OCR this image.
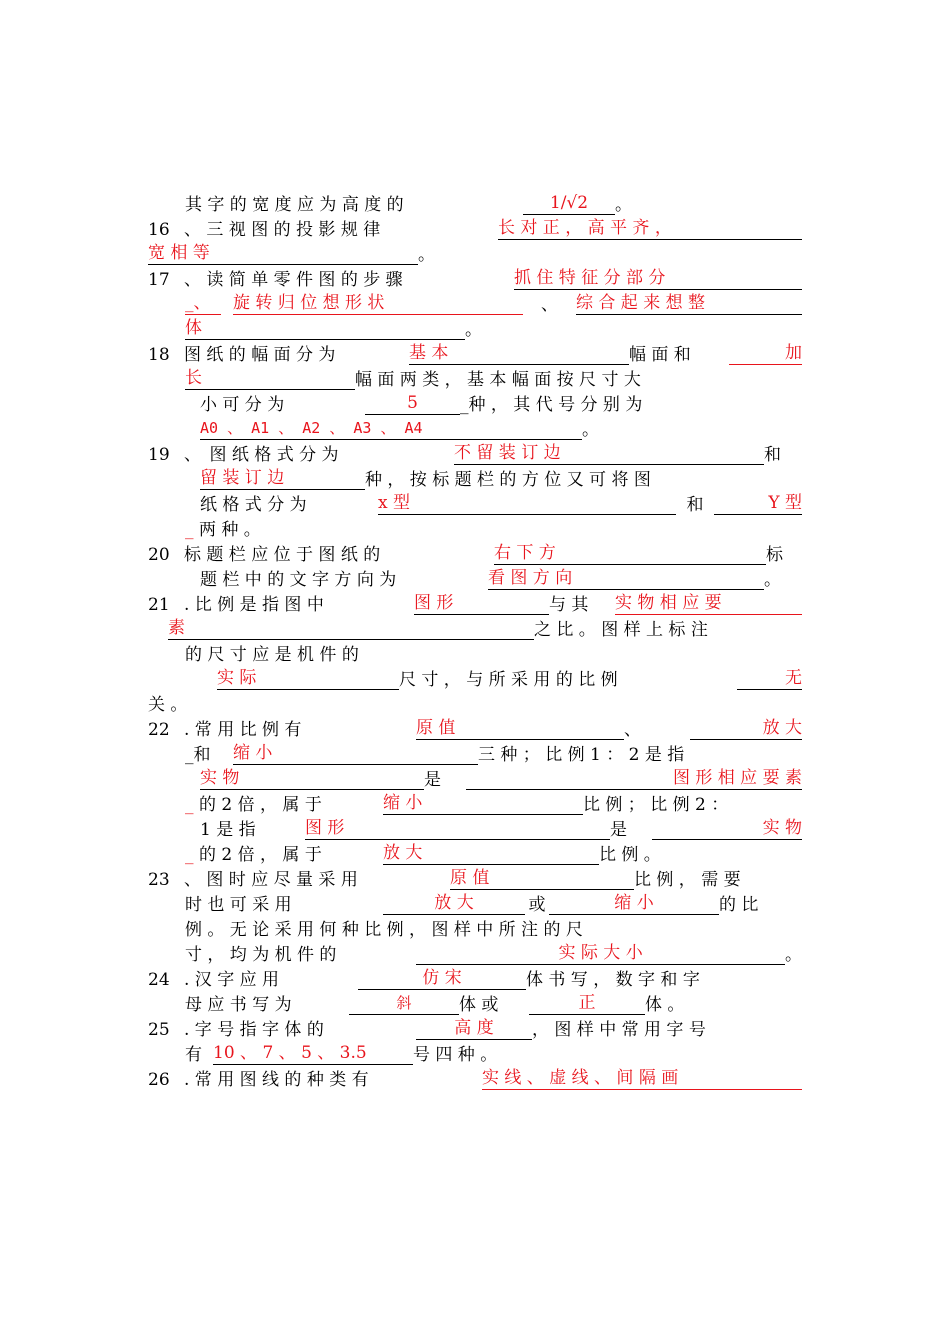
其 字 的 宽 度 应 为 高 度 的	1/√2	。
16 、 三 视 图 的 投 影 规 律	长 对 正 ， 高 平 齐 ，
宽 相 等	。
17 、 读 简 单 零 件 图 的 步 骤	抓 住 特 征 分 部 分
_、	旋 转 归 位 想 形 状	、 综 合 起 来 想 整
体	。
18 图 纸 的 幅 面 分 为	基 本	幅 面 和	加
长	幅 面 两 类 ， 基 本 幅 面 按 尺 寸 大
小 可 分 为	5	_种 ， 其 代 号 分 别 为
A0 、 A1 、 A2 、 A3 、 A4	。
19 、　图 纸 格 式 分 为	不 留 装 订 边	和
留 装 订 边	种 ， 按 标 题 栏 的 方 位 又 可 将 图
纸 格 式 分 为	x 型	和	Y 型
_ 两 种 。
20 标 题 栏 应 位 于 图 纸 的	右 下 方	标
题 栏 中 的 文 字 方 向 为	看 图 方 向	。
21 . 比 例 是 指 图 中	图 形	与 其	实 物 相 应 要
素	之 比 。 图 样 上 标 注
的 尺 寸 应 是 机 件 的
实 际	尺 寸 ， 与 所 采 用 的 比 例	无
关 。
22 . 常 用 比 例 有	原 值	、	放 大
_和	缩 小	三 种 ； 比 例 1 ： 2 是 指
实 物	是	图 形 相 应 要 素
_ 的 2 倍 ， 属 于	缩 小	比 例 ； 比 例 2 ：
1 是 指	图 形	是	实 物
_ 的 2 倍 ， 属 于	放 大	比 例 。
23 、 图 时 应 尽 量 采 用	原 值	比 例 ， 需 要
时 也 可 采 用	放 大	或	缩 小	的 比
例 。 无 论 采 用 何 种 比 例 ， 图 样 中 所 注 的 尺
寸 ， 均 为 机 件 的	实 际 大 小	。
24 . 汉 字 应 用	仿 宋	体 书 写 ， 数 字 和 字
母 应 书 写 为	斜	体 或	正	体 。
25 . 字 号 指 字 体 的	高 度	， 图 样 中 常 用 字 号
有 10 、 7 、 5 、 3.5	号 四 种 。
26 . 常 用 图 线 的 种 类 有	实 线 、 虚 线 、 间 隔 画
